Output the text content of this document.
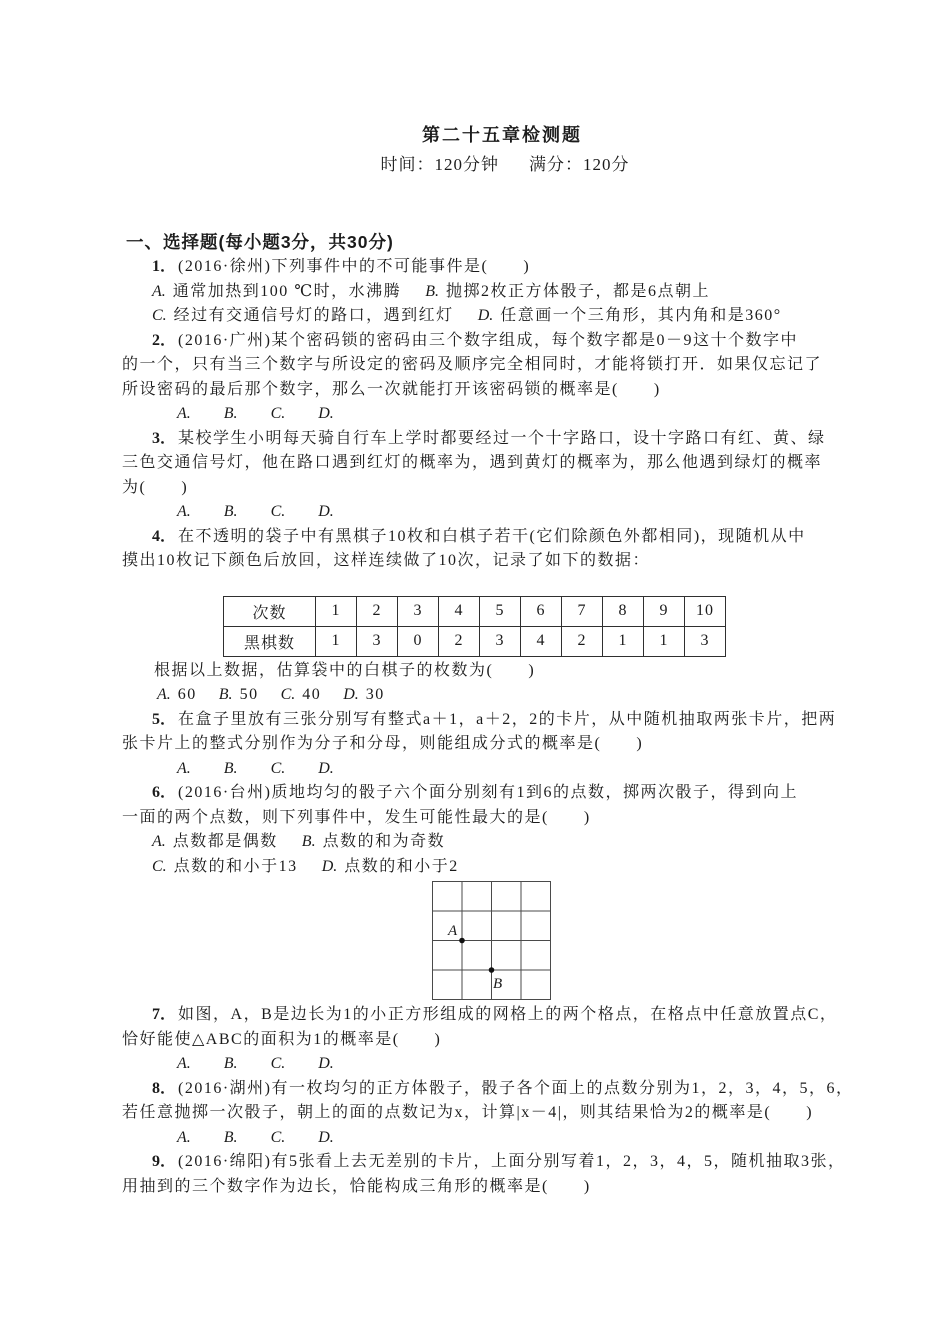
第二十五章检测题

时间：120分钟 满分：120分

一、选择题(每小题3分，共30分)

1． (2016·徐州)下列事件中的不可能事件是(　　)

A. 通常加热到100 ℃时，水沸腾 B. 抛掷2枚正方体骰子，都是6点朝上

C. 经过有交通信号灯的路口，遇到红灯 D. 任意画一个三角形，其内角和是360°

2． (2016·广州)某个密码锁的密码由三个数字组成，每个数字都是0－9这十个数字中

的一个，只有当三个数字与所设定的密码及顺序完全相同时，才能将锁打开．如果仅忘记了

所设密码的最后那个数字，那么一次就能打开该密码锁的概率是(　　)

A. B. C. D.

3． 某校学生小明每天骑自行车上学时都要经过一个十字路口，设十字路口有红、黄、绿

三色交通信号灯，他在路口遇到红灯的概率为，遇到黄灯的概率为，那么他遇到绿灯的概率

为(　　)

A. B. C. D.

4． 在不透明的袋子中有黑棋子10枚和白棋子若干(它们除颜色外都相同)，现随机从中

摸出10枚记下颜色后放回，这样连续做了10次，记录了如下的数据：

次数	1	2	3	4	5	6	7	8	9	10
黑棋数	1	3	0	2	3	4	2	1	1	3

根据以上数据，估算袋中的白棋子的枚数为(　　)

A. 60 B. 50 C. 40 D. 30

5． 在盒子里放有三张分别写有整式a＋1，a＋2，2的卡片，从中随机抽取两张卡片，把两

张卡片上的整式分别作为分子和分母，则能组成分式的概率是(　　)

A. B. C. D.

6． (2016·台州)质地均匀的骰子六个面分别刻有1到6的点数，掷两次骰子，得到向上

一面的两个点数，则下列事件中，发生可能性最大的是(　　)

A. 点数都是偶数 B. 点数的和为奇数

C. 点数的和小于13 D. 点数的和小于2

A
B

7． 如图，A，B是边长为1的小正方形组成的网格上的两个格点，在格点中任意放置点C，

恰好能使△ABC的面积为1的概率是(　　)

A. B. C. D.

8． (2016·湖州)有一枚均匀的正方体骰子，骰子各个面上的点数分别为1，2，3，4，5，6，

若任意抛掷一次骰子，朝上的面的点数记为x，计算|x－4|，则其结果恰为2的概率是(　　)

A. B. C. D.

9． (2016·绵阳)有5张看上去无差别的卡片，上面分别写着1，2，3，4，5，随机抽取3张，

用抽到的三个数字作为边长，恰能构成三角形的概率是(　　)
